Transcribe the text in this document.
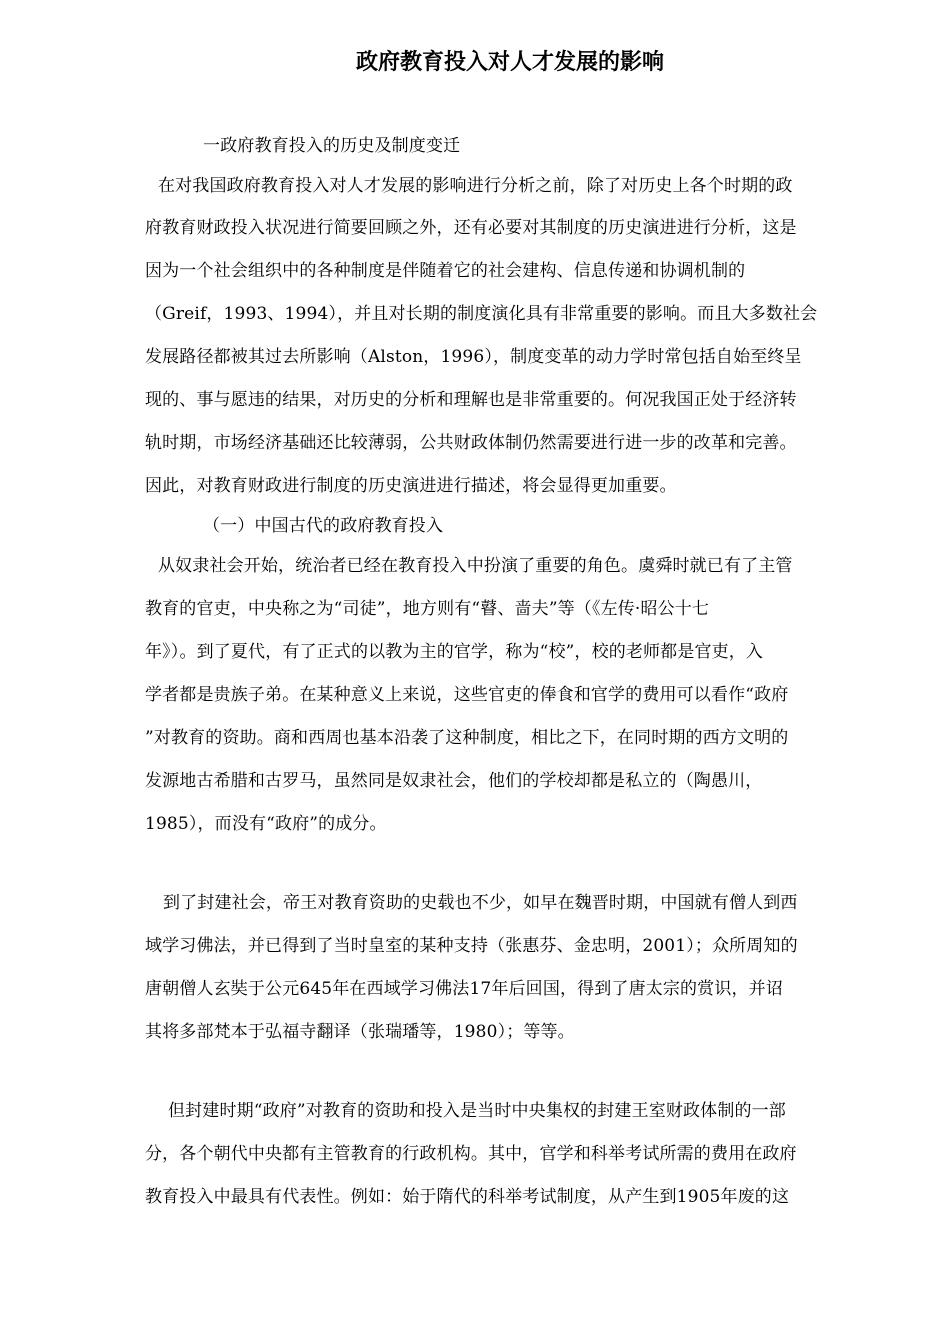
政府教育投入对人才发展的影响
一政府教育投入的历史及制度变迁
在对我国政府教育投入对人才发展的影响进行分析之前，除了对历史上各个时期的政
府教育财政投入状况进行简要回顾之外，还有必要对其制度的历史演进进行分析，这是
因为一个社会组织中的各种制度是伴随着它的社会建构、信息传递和协调机制的
（Greif，1993、1994），并且对长期的制度演化具有非常重要的影响。而且大多数社会
发展路径都被其过去所影响（Alston，1996），制度变革的动力学时常包括自始至终呈
现的、事与愿违的结果，对历史的分析和理解也是非常重要的。何况我国正处于经济转
轨时期，市场经济基础还比较薄弱，公共财政体制仍然需要进行进一步的改革和完善。
因此，对教育财政进行制度的历史演进进行描述，将会显得更加重要。
（一）中国古代的政府教育投入
从奴隶社会开始，统治者已经在教育投入中扮演了重要的角色。虞舜时就已有了主管
教育的官吏，中央称之为“司徒”，地方则有“瞽、啬夫”等（《左传·昭公十七
年》）。到了夏代，有了正式的以教为主的官学，称为“校”，校的老师都是官吏，入
学者都是贵族子弟。在某种意义上来说，这些官吏的俸食和官学的费用可以看作“政府
”对教育的资助。商和西周也基本沿袭了这种制度，相比之下，在同时期的西方文明的
发源地古希腊和古罗马，虽然同是奴隶社会，他们的学校却都是私立的（陶愚川，
1985），而没有“政府”的成分。
到了封建社会，帝王对教育资助的史载也不少，如早在魏晋时期，中国就有僧人到西
域学习佛法，并已得到了当时皇室的某种支持（张惠芬、金忠明，2001）；众所周知的
唐朝僧人玄奘于公元645年在西域学习佛法17年后回国，得到了唐太宗的赏识，并诏
其将多部梵本于弘福寺翻译（张瑞璠等，1980）；等等。
但封建时期“政府”对教育的资助和投入是当时中央集权的封建王室财政体制的一部
分，各个朝代中央都有主管教育的行政机构。其中，官学和科举考试所需的费用在政府
教育投入中最具有代表性。例如：始于隋代的科举考试制度，从产生到1905年废的这
